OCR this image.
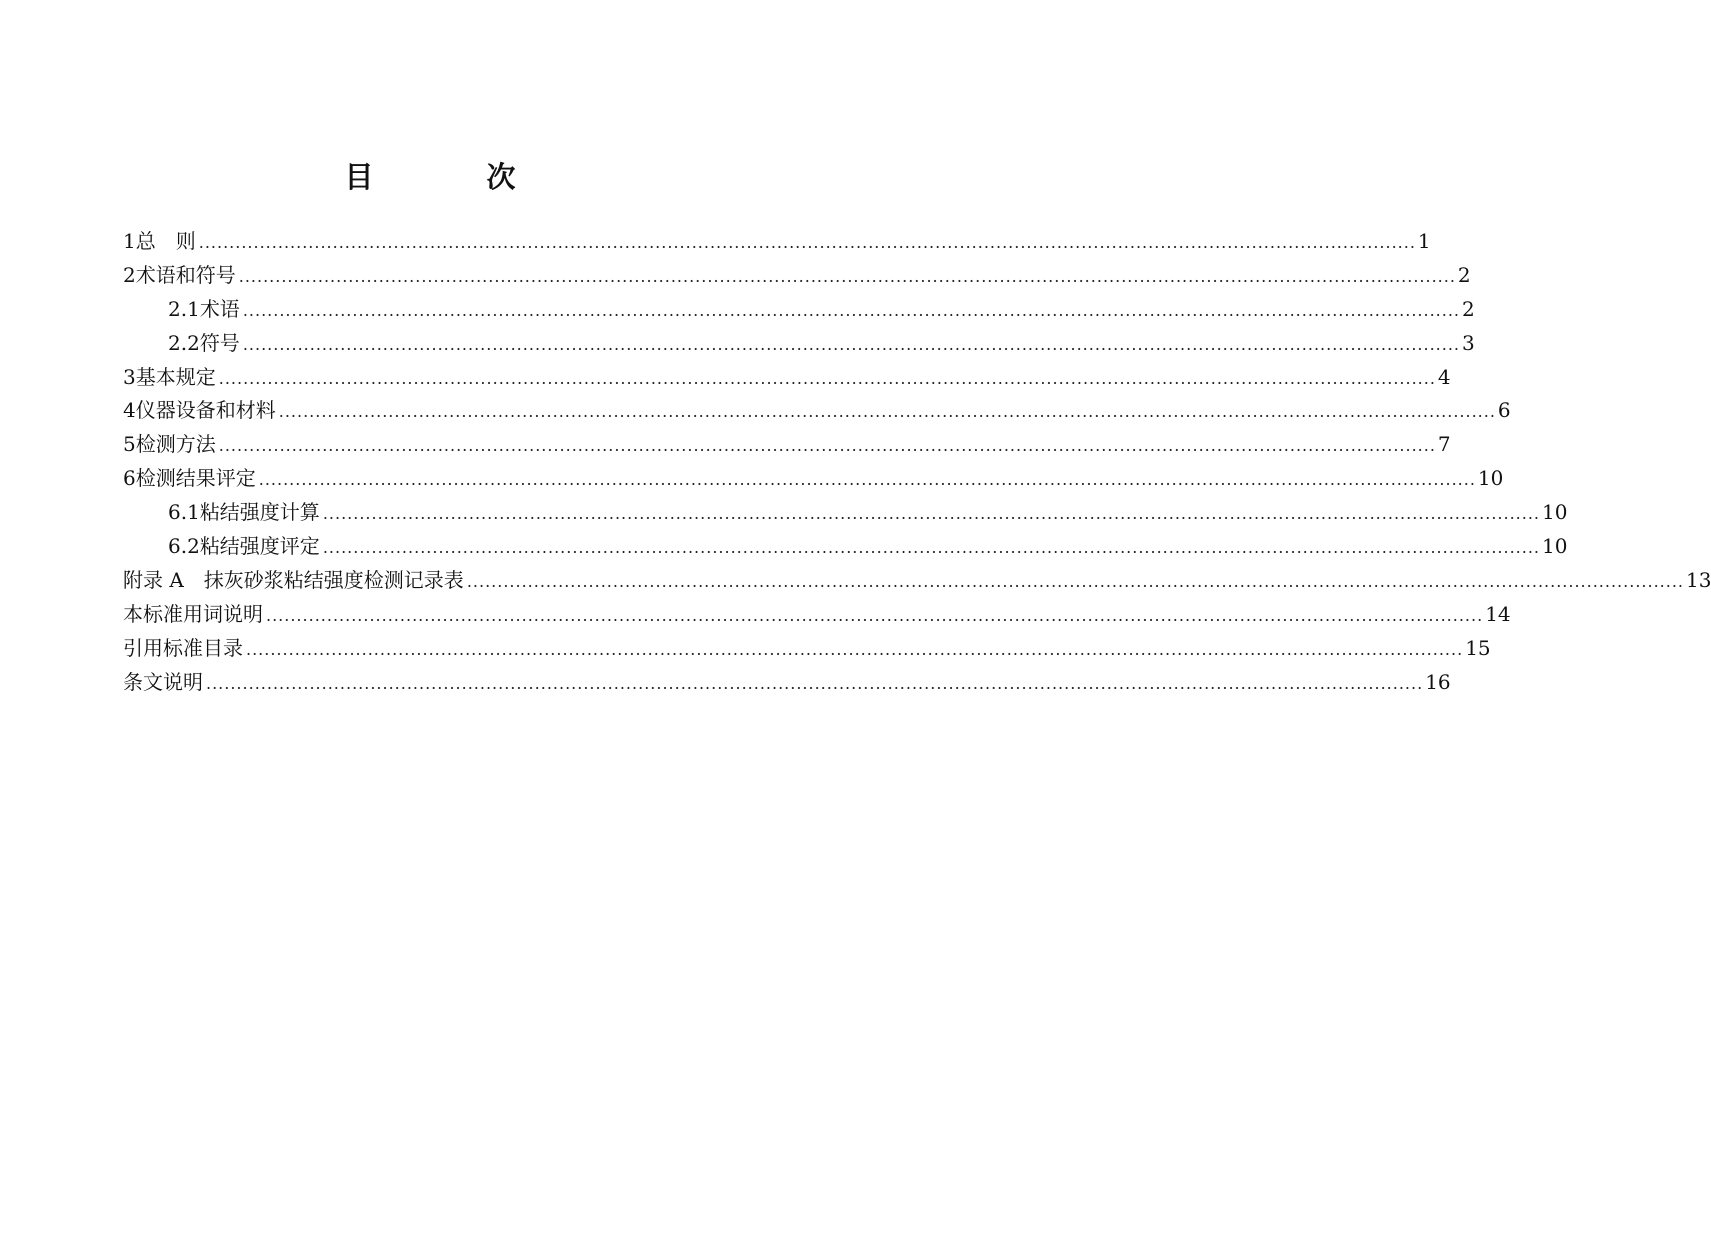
目　次
1 总　则 ........................................................................................................................................................................................................ 1
2 术语和符号 ........................................................................................................................................................................................................ 2
2.1 术语 ........................................................................................................................................................................................................ 2
2.2 符号 ........................................................................................................................................................................................................ 3
3 基本规定 ........................................................................................................................................................................................................ 4
4 仪器设备和材料 ........................................................................................................................................................................................................ 6
5 检测方法 ........................................................................................................................................................................................................ 7
6 检测结果评定 ........................................................................................................................................................................................................ 10
6.1 粘结强度计算 ........................................................................................................................................................................................................ 10
6.2 粘结强度评定 ........................................................................................................................................................................................................ 10
附录 A　抹灰砂浆粘结强度检测记录表 ........................................................................................................................................................................................................ 13
本标准用词说明 ........................................................................................................................................................................................................ 14
引用标准目录 ........................................................................................................................................................................................................ 15
条文说明 ........................................................................................................................................................................................................ 16
